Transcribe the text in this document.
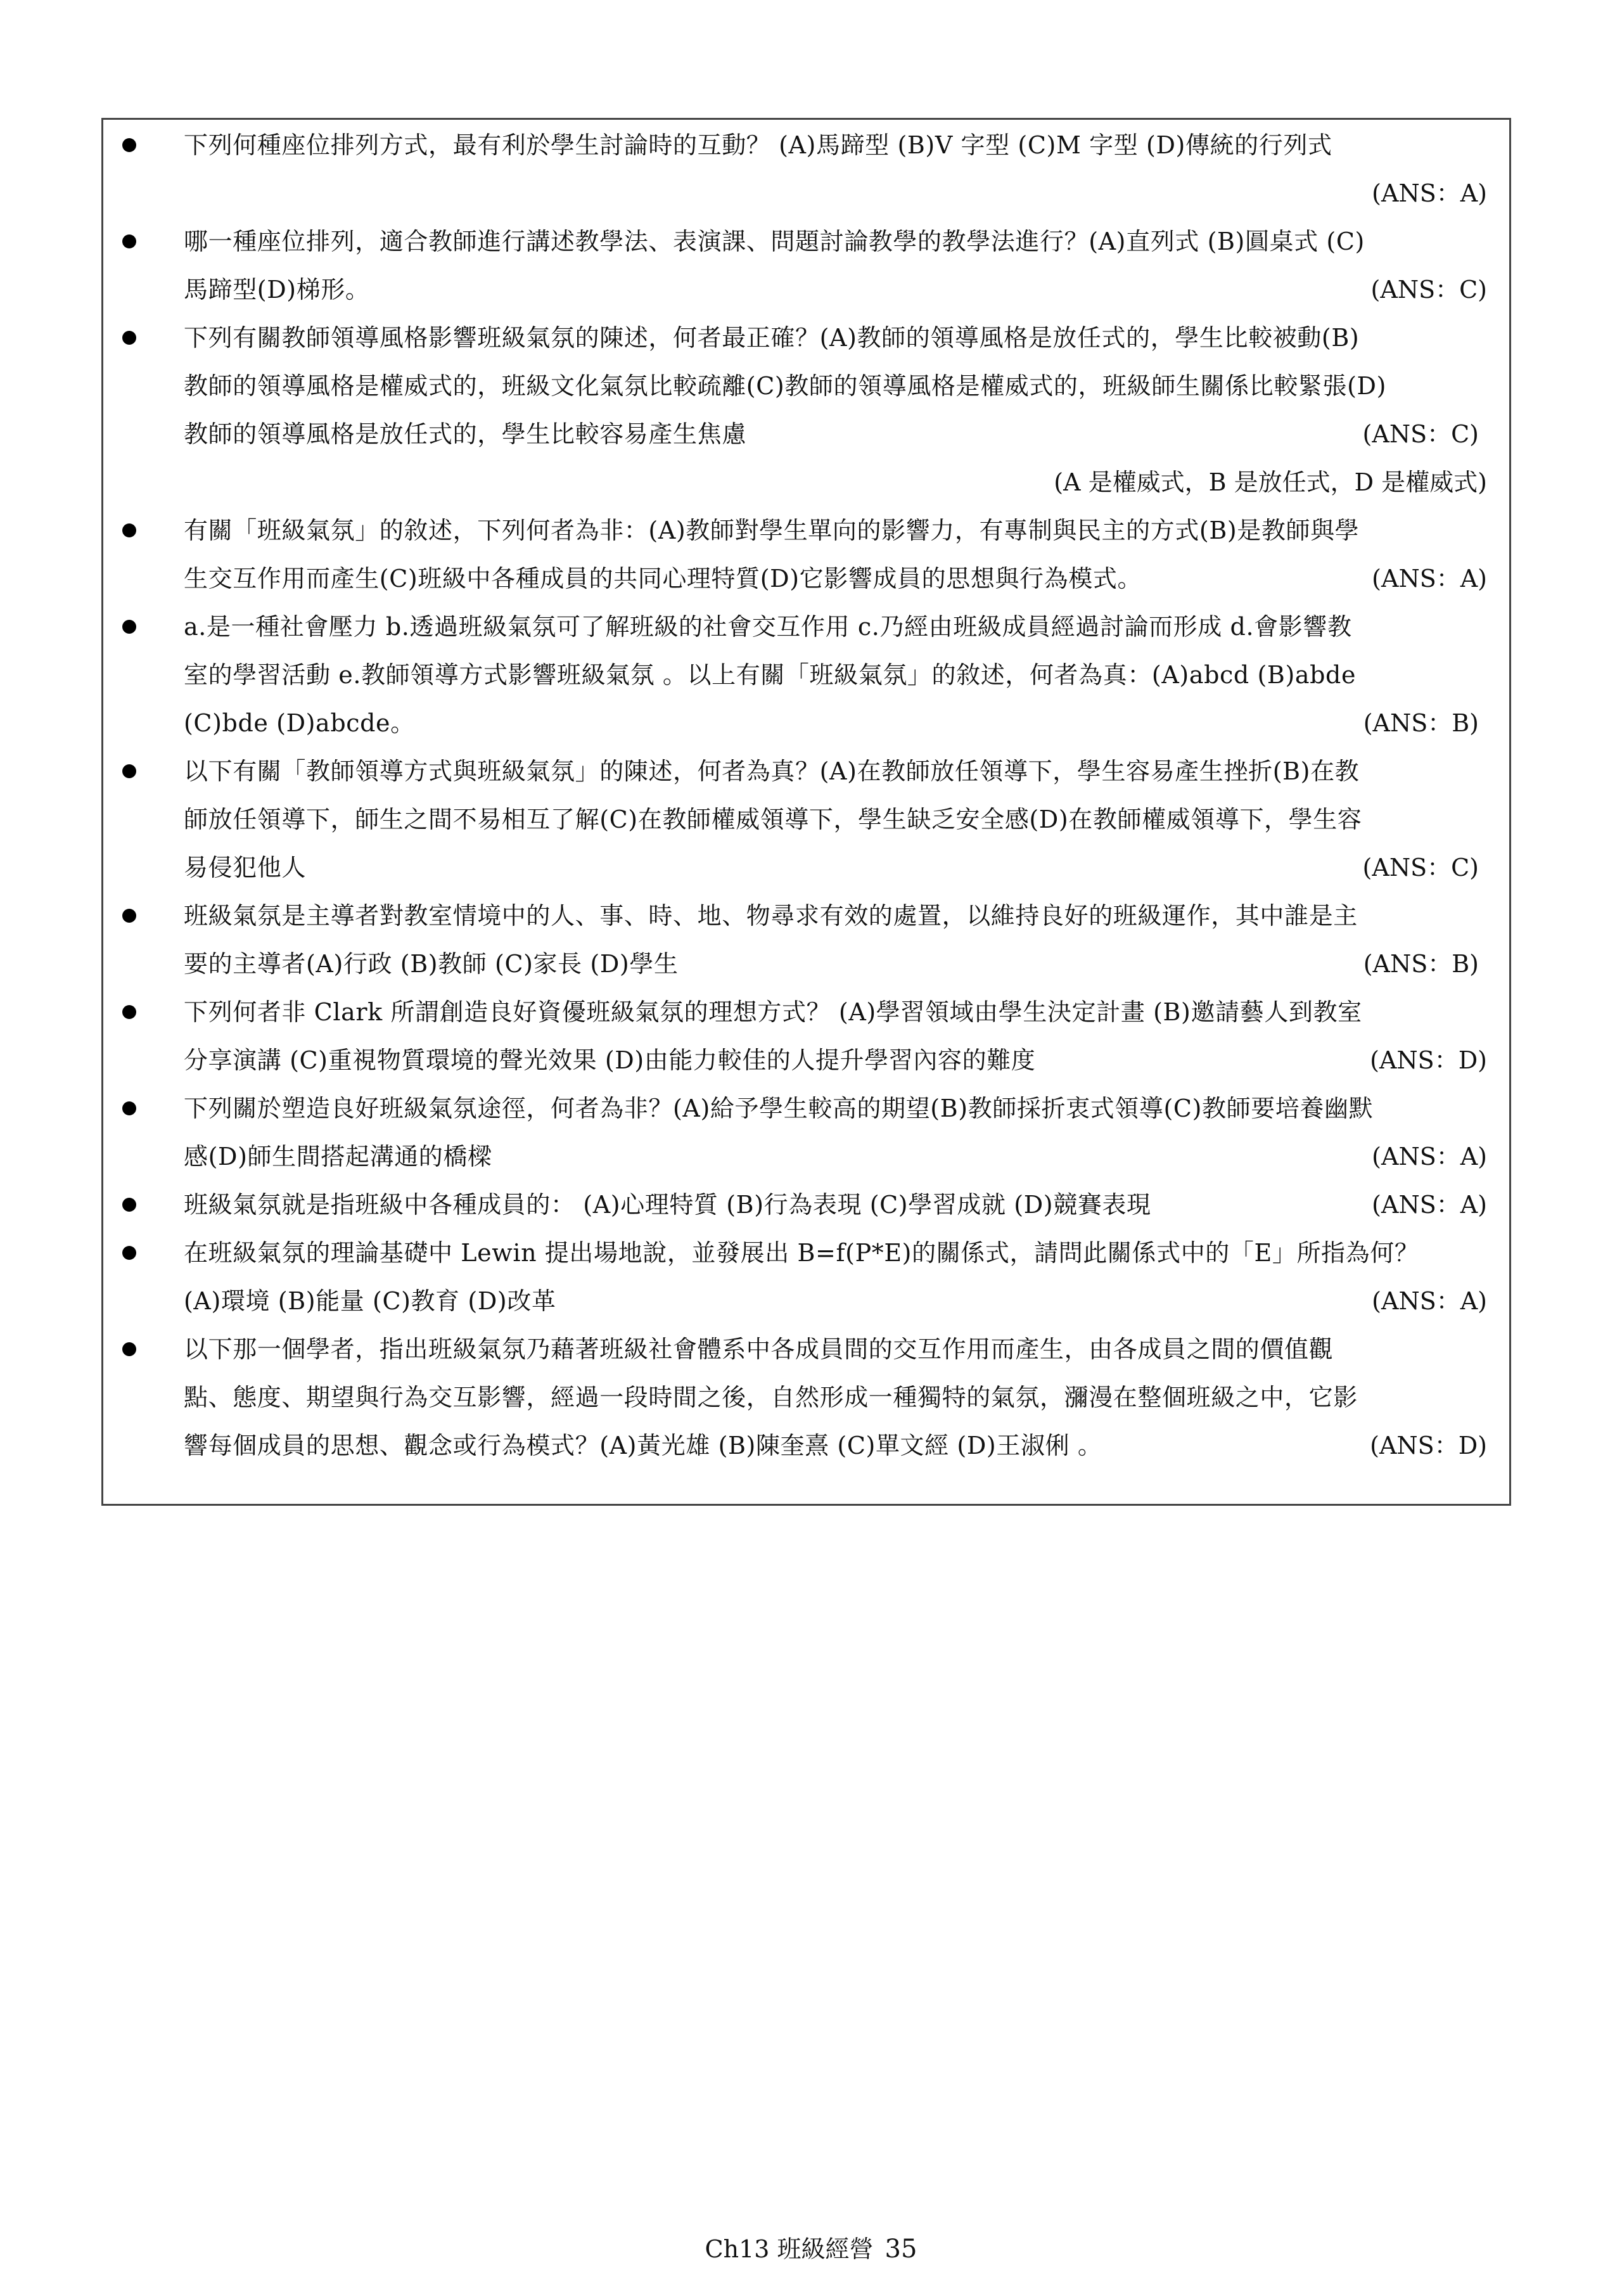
下列何種座位排列方式，最有利於學生討論時的互動？ (A)馬蹄型 (B)V 字型 (C)M 字型 (D)傳統的行列式
(ANS：A)
哪一種座位排列，適合教師進行講述教學法、表演課、問題討論教學的教學法進行？(A)直列式 (B)圓桌式 (C)
馬蹄型(D)梯形。	(ANS：C)
下列有關教師領導風格影響班級氣氛的陳述，何者最正確？(A)教師的領導風格是放任式的，學生比較被動(B)
教師的領導風格是權威式的，班級文化氣氛比較疏離(C)教師的領導風格是權威式的，班級師生關係比較緊張(D)
教師的領導風格是放任式的，學生比較容易產生焦慮	(ANS：C)
(A 是權威式，B 是放任式，D 是權威式)
有關「班級氣氛」的敘述，下列何者為非：(A)教師對學生單向的影響力，有專制與民主的方式(B)是教師與學
生交互作用而產生(C)班級中各種成員的共同心理特質(D)它影響成員的思想與行為模式。	(ANS：A)
a.是一種社會壓力 b.透過班級氣氛可了解班級的社會交互作用 c.乃經由班級成員經過討論而形成 d.會影響教
室的學習活動 e.教師領導方式影響班級氣氛 。以上有關「班級氣氛」的敘述，何者為真：(A)abcd (B)abde
(C)bde (D)abcde。	(ANS：B)
以下有關「教師領導方式與班級氣氛」的陳述，何者為真？(A)在教師放任領導下，學生容易產生挫折(B)在教
師放任領導下，師生之間不易相互了解(C)在教師權威領導下，學生缺乏安全感(D)在教師權威領導下，學生容
易侵犯他人	(ANS：C)
班級氣氛是主導者對教室情境中的人、事、時、地、物尋求有效的處置，以維持良好的班級運作，其中誰是主
要的主導者(A)行政 (B)教師 (C)家長 (D)學生	(ANS：B)
下列何者非 Clark 所謂創造良好資優班級氣氛的理想方式？ (A)學習領域由學生決定計畫 (B)邀請藝人到教室
分享演講 (C)重視物質環境的聲光效果 (D)由能力較佳的人提升學習內容的難度	(ANS：D)
下列關於塑造良好班級氣氛途徑，何者為非？(A)給予學生較高的期望(B)教師採折衷式領導(C)教師要培養幽默
感(D)師生間搭起溝通的橋樑	(ANS：A)
班級氣氛就是指班級中各種成員的： (A)心理特質 (B)行為表現 (C)學習成就 (D)競賽表現	(ANS：A)
在班級氣氛的理論基礎中 Lewin 提出場地說，並發展出 B=f(P*E)的關係式，請問此關係式中的「E」所指為何？
(A)環境 (B)能量 (C)教育 (D)改革	(ANS：A)
以下那一個學者，指出班級氣氛乃藉著班級社會體系中各成員間的交互作用而產生，由各成員之間的價值觀
點、態度、期望與行為交互影響，經過一段時間之後，自然形成一種獨特的氣氛，瀰漫在整個班級之中，它影
響每個成員的思想、觀念或行為模式？(A)黃光雄 (B)陳奎熹 (C)單文經 (D)王淑俐 。	(ANS：D)
Ch13 班級經營 35
